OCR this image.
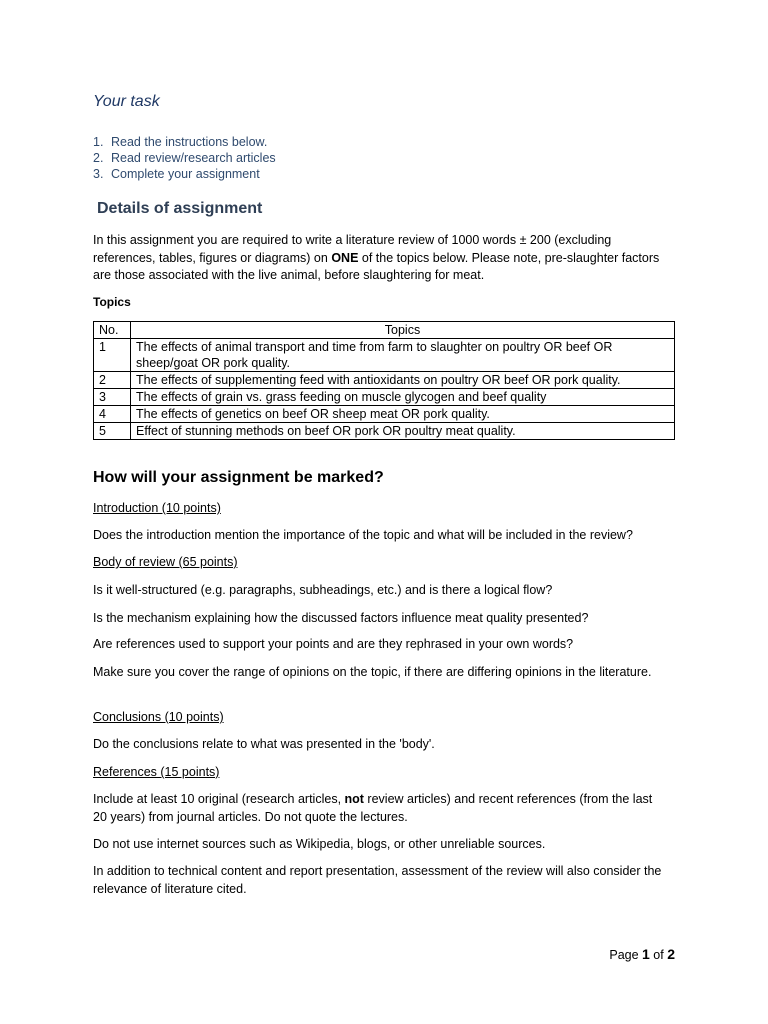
Your task
1. Read the instructions below.
2. Read review/research articles
3. Complete your assignment
Details of assignment

In this assignment you are required to write a literature review of 1000 words ± 200 (excluding references, tables, figures or diagrams) on ONE of the topics below. Please note, pre-slaughter factors are those associated with the live animal, before slaughtering for meat.

Topics

No.	Topics
1	The effects of animal transport and time from farm to slaughter on poultry OR beef OR sheep/goat OR pork quality.
2	The effects of supplementing feed with antioxidants on poultry OR beef OR pork quality.
3	The effects of grain vs. grass feeding on muscle glycogen and beef quality
4	The effects of genetics on beef OR sheep meat OR pork quality.
5	Effect of stunning methods on beef OR pork OR poultry meat quality.
How will your assignment be marked?

Introduction (10 points)

Does the introduction mention the importance of the topic and what will be included in the review?

Body of review (65 points)

Is it well-structured (e.g. paragraphs, subheadings, etc.) and is there a logical flow?

Is the mechanism explaining how the discussed factors influence meat quality presented?

Are references used to support your points and are they rephrased in your own words?

Make sure you cover the range of opinions on the topic, if there are differing opinions in the literature.

Conclusions (10 points)

Do the conclusions relate to what was presented in the 'body'.

References (15 points)

Include at least 10 original (research articles, not review articles) and recent references (from the last 20 years) from journal articles. Do not quote the lectures.

Do not use internet sources such as Wikipedia, blogs, or other unreliable sources.

In addition to technical content and report presentation, assessment of the review will also consider the relevance of literature cited.

Page 1 of 2
